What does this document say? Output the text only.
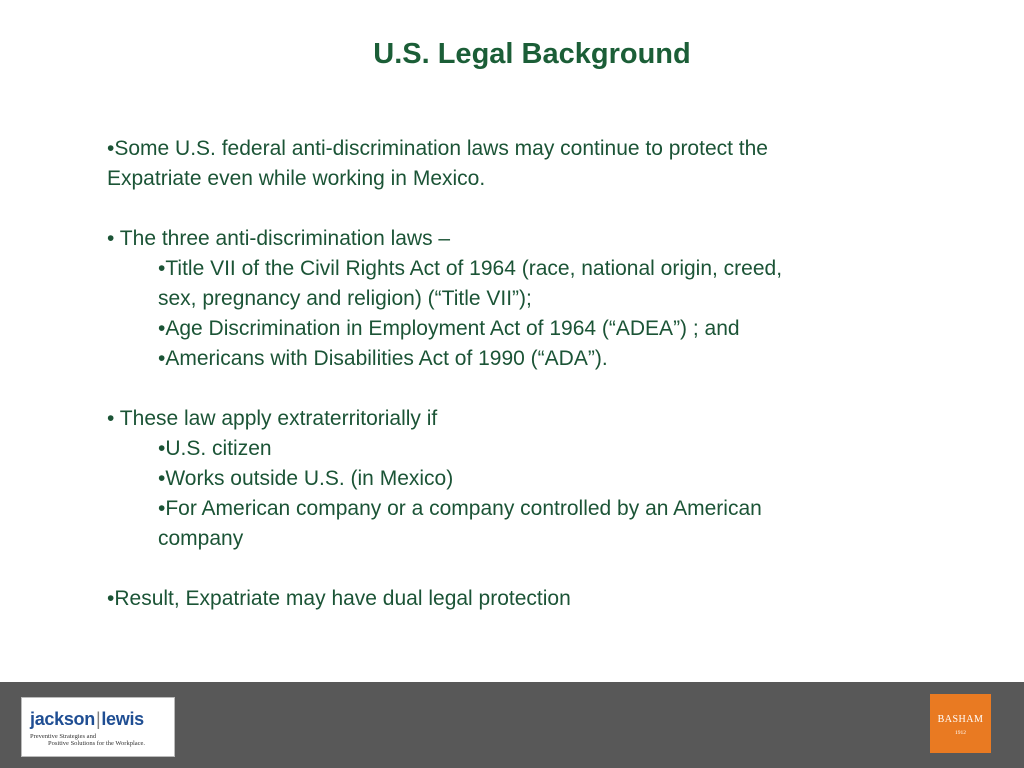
U.S. Legal Background
•Some U.S. federal anti-discrimination laws may continue to protect the
Expatriate even while working in Mexico.
• The three anti-discrimination laws –
•Title VII of the Civil Rights Act of 1964 (race, national origin, creed,
sex, pregnancy and religion) (“Title VII”);
•Age Discrimination in Employment Act of 1964 (“ADEA”) ; and
•Americans with Disabilities Act of 1990 (“ADA”).
• These law apply extraterritorially if
•U.S. citizen
•Works outside U.S. (in Mexico)
•For American company or a company controlled by an American
company
•Result, Expatriate may have dual legal protection
jackson|lewis
Preventive Strategies and
Positive Solutions for the Workplace.
BASHAM
1912
